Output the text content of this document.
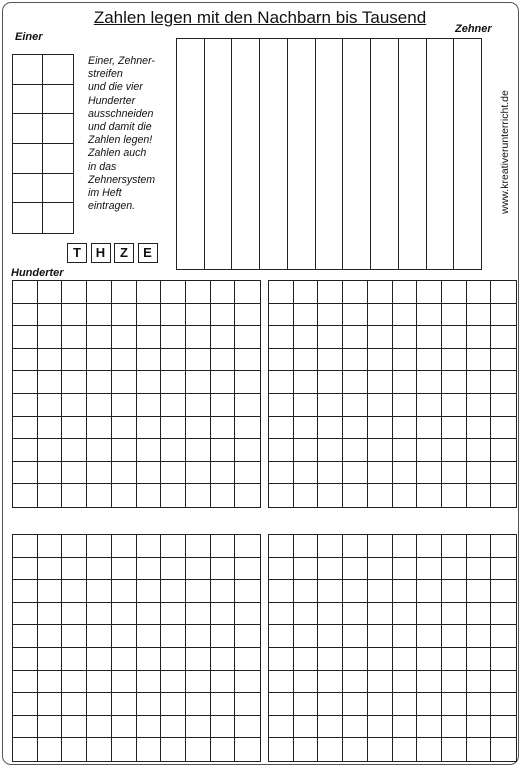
Zahlen legen mit den Nachbarn bis Tausend
Einer
Zehner
Hunderter
Einer, Zehner-
streifen
und die vier
Hunderter
ausschneiden
und damit die
Zahlen legen!
Zahlen auch
in das
Zehnersystem
im Heft
eintragen.
T	H	Z	E
www.kreativerunterricht.de
